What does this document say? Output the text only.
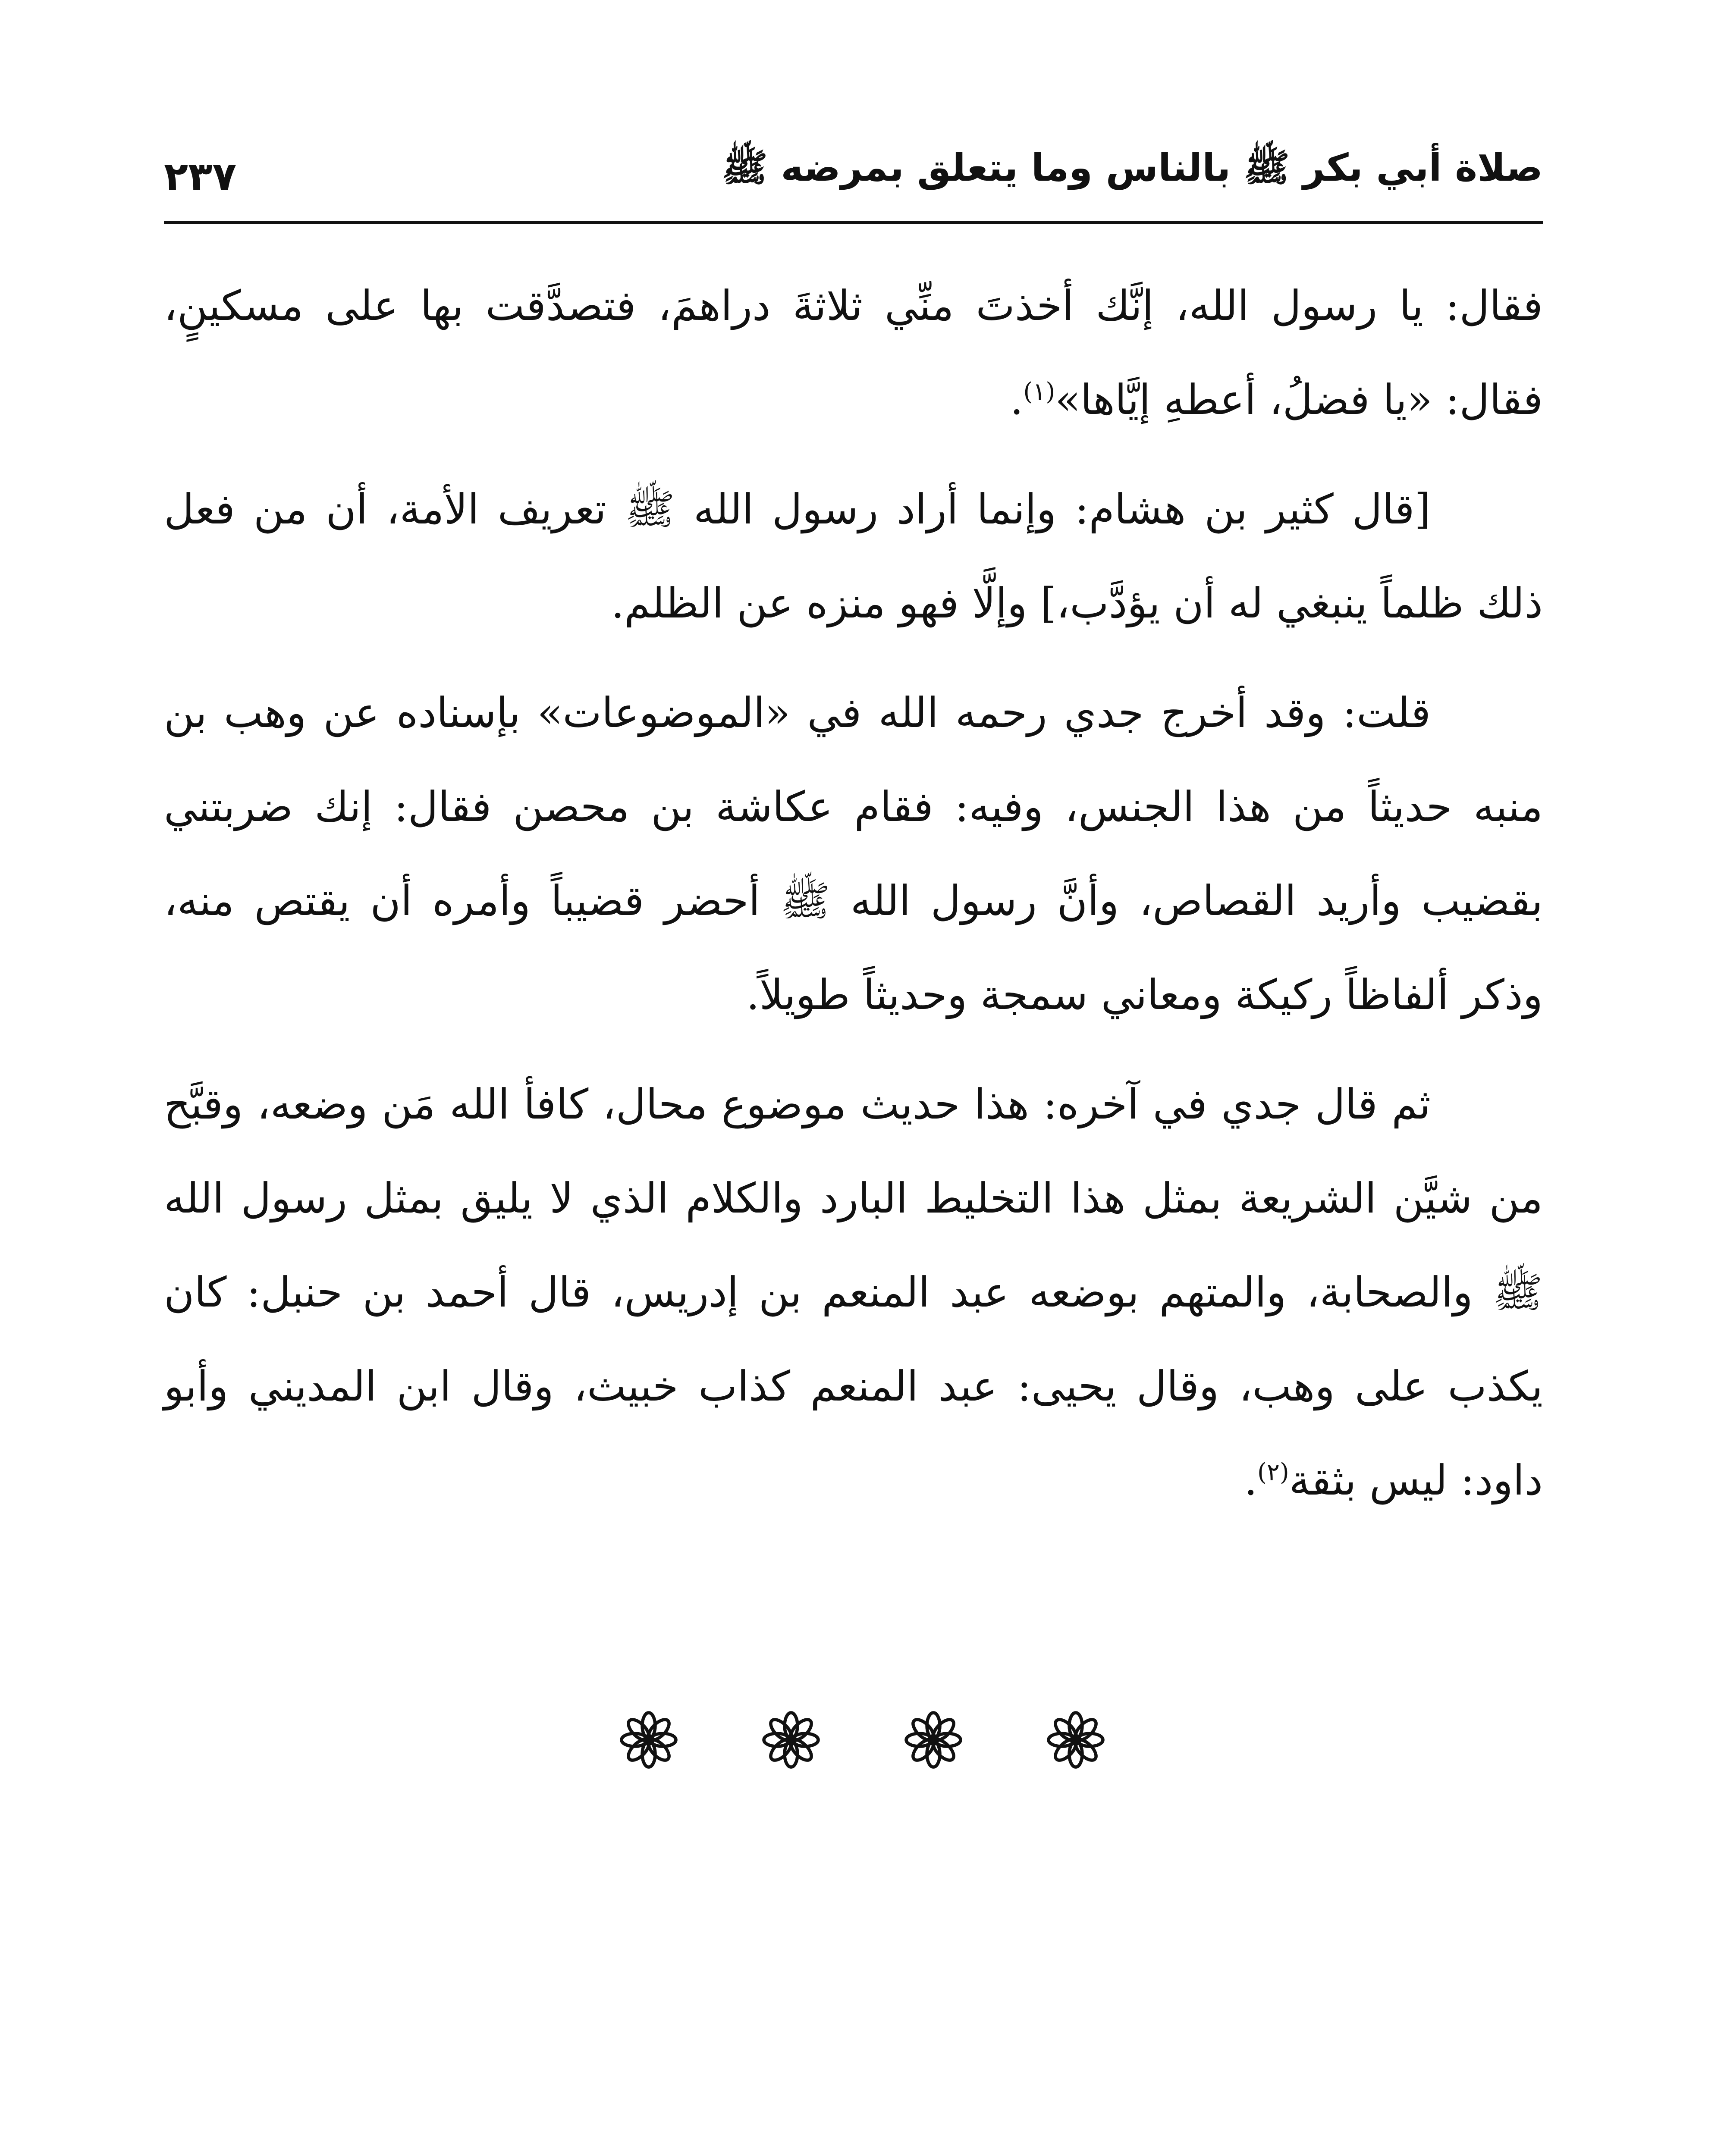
٢٣٧	صلاة أبي بكر ﷺ بالناس وما يتعلق بمرضه ﷺ

فقال: يا رسول الله، إنَّك أخذتَ منِّي ثلاثةَ دراهمَ، فتصدَّقت بها على مسكينٍ، فقال: «يا فضلُ، أعطهِ إيَّاها»$^{(١)}$.

[قال كثير بن هشام: وإنما أراد رسول الله ﷺ تعريف الأمة، أن من فعل ذلك ظلماً ينبغي له أن يؤدَّب،] وإلَّا فهو منزه عن الظلم.

قلت: وقد أخرج جدي رحمه الله في «الموضوعات» بإسناده عن وهب بن منبه حديثاً من هذا الجنس، وفيه: فقام عكاشة بن محصن فقال: إنك ضربتني بقضيب وأريد القصاص، وأنَّ رسول الله ﷺ أحضر قضيباً وأمره أن يقتص منه، وذكر ألفاظاً ركيكة ومعاني سمجة وحديثاً طويلاً.

ثم قال جدي في آخره: هذا حديث موضوع محال، كافأ الله مَن وضعه، وقبَّح من شيَّن الشريعة بمثل هذا التخليط البارد والكلام الذي لا يليق بمثل رسول الله ﷺ والصحابة، والمتهم بوضعه عبد المنعم بن إدريس، قال أحمد بن حنبل: كان يكذب على وهب، وقال يحيى: عبد المنعم كذاب خبيث، وقال ابن المديني وأبو داود: ليس بثقة$^{(٢)}$.
